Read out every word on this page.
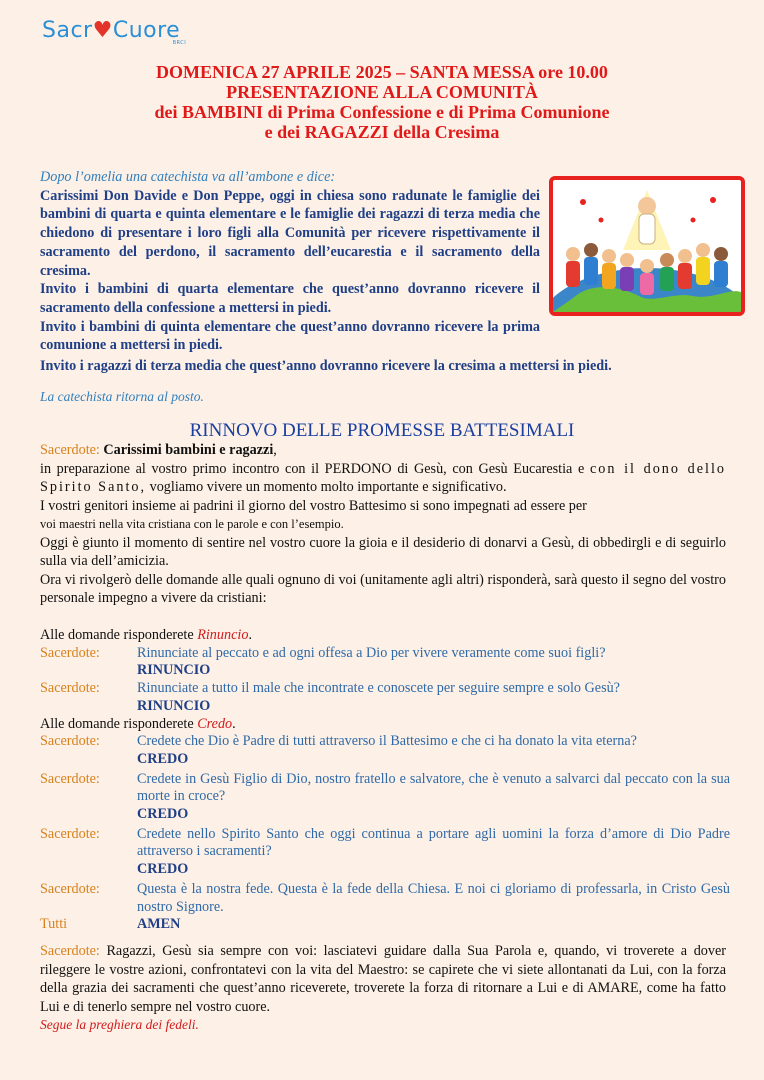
Sacr♥Cuore
BRCI
DOMENICA 27 APRILE 2025 – SANTA MESSA ore 10.00
PRESENTAZIONE ALLA COMUNITÀ
dei BAMBINI di Prima Confessione e di Prima Comunione
e dei RAGAZZI della Cresima
Dopo l’omelia una catechista va all’ambone e dice:
Carissimi Don Davide e Don Peppe, oggi in chiesa sono radunate le famiglie dei bambini di quarta e quinta elementare e le famiglie dei ragazzi di terza media che chiedono di presentare i loro figli alla Comunità per ricevere rispettivamente il sacramento del perdono, il sacramento dell’eucarestia e il sacramento della cresima.
Invito i bambini di quarta elementare che quest’anno dovranno ricevere il sacramento della confessione a mettersi in piedi.
Invito i bambini di quinta elementare che quest’anno dovranno ricevere la prima comunione a mettersi in piedi.
Invito i ragazzi di terza media che quest’anno dovranno ricevere la cresima a mettersi in piedi.
La catechista ritorna al posto.
RINNOVO DELLE PROMESSE BATTESIMALI
Sacerdote: Carissimi bambini e ragazzi,
in preparazione al vostro primo incontro con il PERDONO di Gesù, con Gesù Eucarestia e con il dono dello Spirito Santo, vogliamo vivere un momento molto importante e significativo.
I vostri genitori insieme ai padrini il giorno del vostro Battesimo si sono impegnati ad essere per
voi maestri nella vita cristiana con le parole e con l’esempio.
Oggi è giunto il momento di sentire nel vostro cuore la gioia e il desiderio di donarvi a Gesù, di obbedirgli e di seguirlo sulla via dell’amicizia.
Ora vi rivolgerò delle domande alle quali ognuno di voi (unitamente agli altri) risponderà, sarà questo il segno del vostro personale impegno a vivere da cristiani:
Alle domande risponderete Rinuncio.
Sacerdote:	Rinunciate al peccato e ad ogni offesa a Dio per vivere veramente come suoi figli?
RINUNCIO
Sacerdote:	Rinunciate a tutto il male che incontrate e conoscete per seguire sempre e solo Gesù?
RINUNCIO
Alle domande risponderete Credo.
Sacerdote:	Credete che Dio è Padre di tutti attraverso il Battesimo e che ci ha donato la vita eterna?
CREDO
Sacerdote:	Credete in Gesù Figlio di Dio, nostro fratello e salvatore, che è venuto a salvarci dal peccato con la sua morte in croce?
CREDO
Sacerdote:	Credete nello Spirito Santo che oggi continua a portare agli uomini la forza d’amore di Dio Padre attraverso i sacramenti?
CREDO
Sacerdote:	Questa è la nostra fede. Questa è la fede della Chiesa. E noi ci gloriamo di professarla, in Cristo Gesù nostro Signore.
Tutti	AMEN
Sacerdote: Ragazzi, Gesù sia sempre con voi: lasciatevi guidare dalla Sua Parola e, quando, vi troverete a dover rileggere le vostre azioni, confrontatevi con la vita del Maestro: se capirete che vi siete allontanati da Lui, con la forza della grazia dei sacramenti che quest’anno riceverete, troverete la forza di ritornare a Lui e di AMARE, come ha fatto Lui e di tenerlo sempre nel vostro cuore.
Segue la preghiera dei fedeli.
